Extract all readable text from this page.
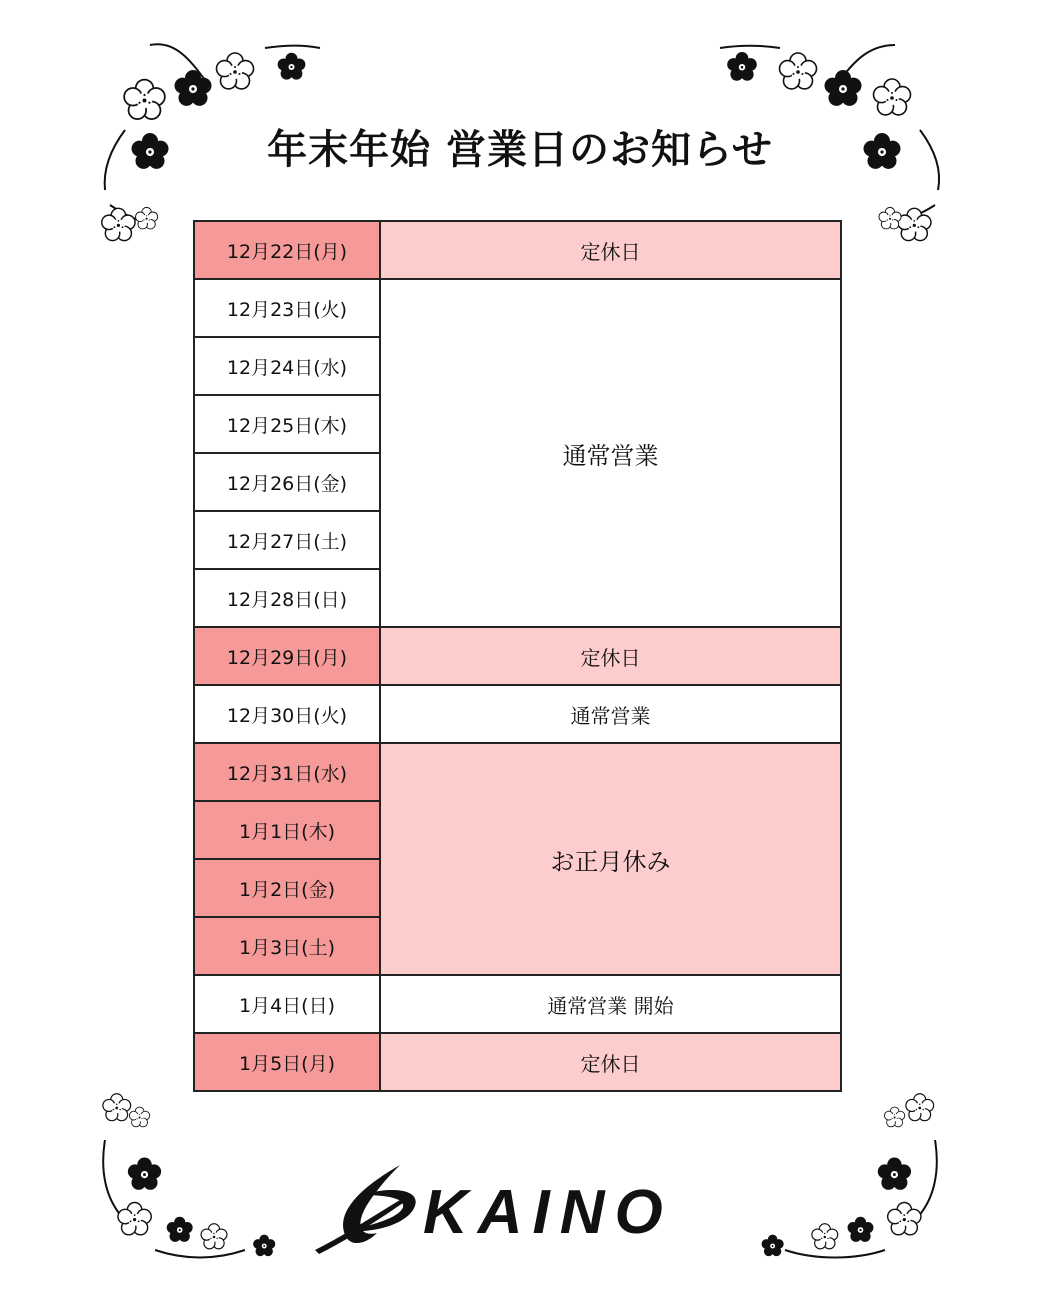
年末年始 営業日のお知らせ
12月22日(月)	定休日
12月23日(火)	通常営業
12月24日(水)	
12月25日(木)	
12月26日(金)	
12月27日(土)	
12月28日(日)	
12月29日(月)	定休日
12月30日(火)	通常営業
12月31日(水)	お正月休み
1月1日(木)	
1月2日(金)	
1月3日(土)	
1月4日(日)	通常営業 開始
1月5日(月)	定休日
KAINO
